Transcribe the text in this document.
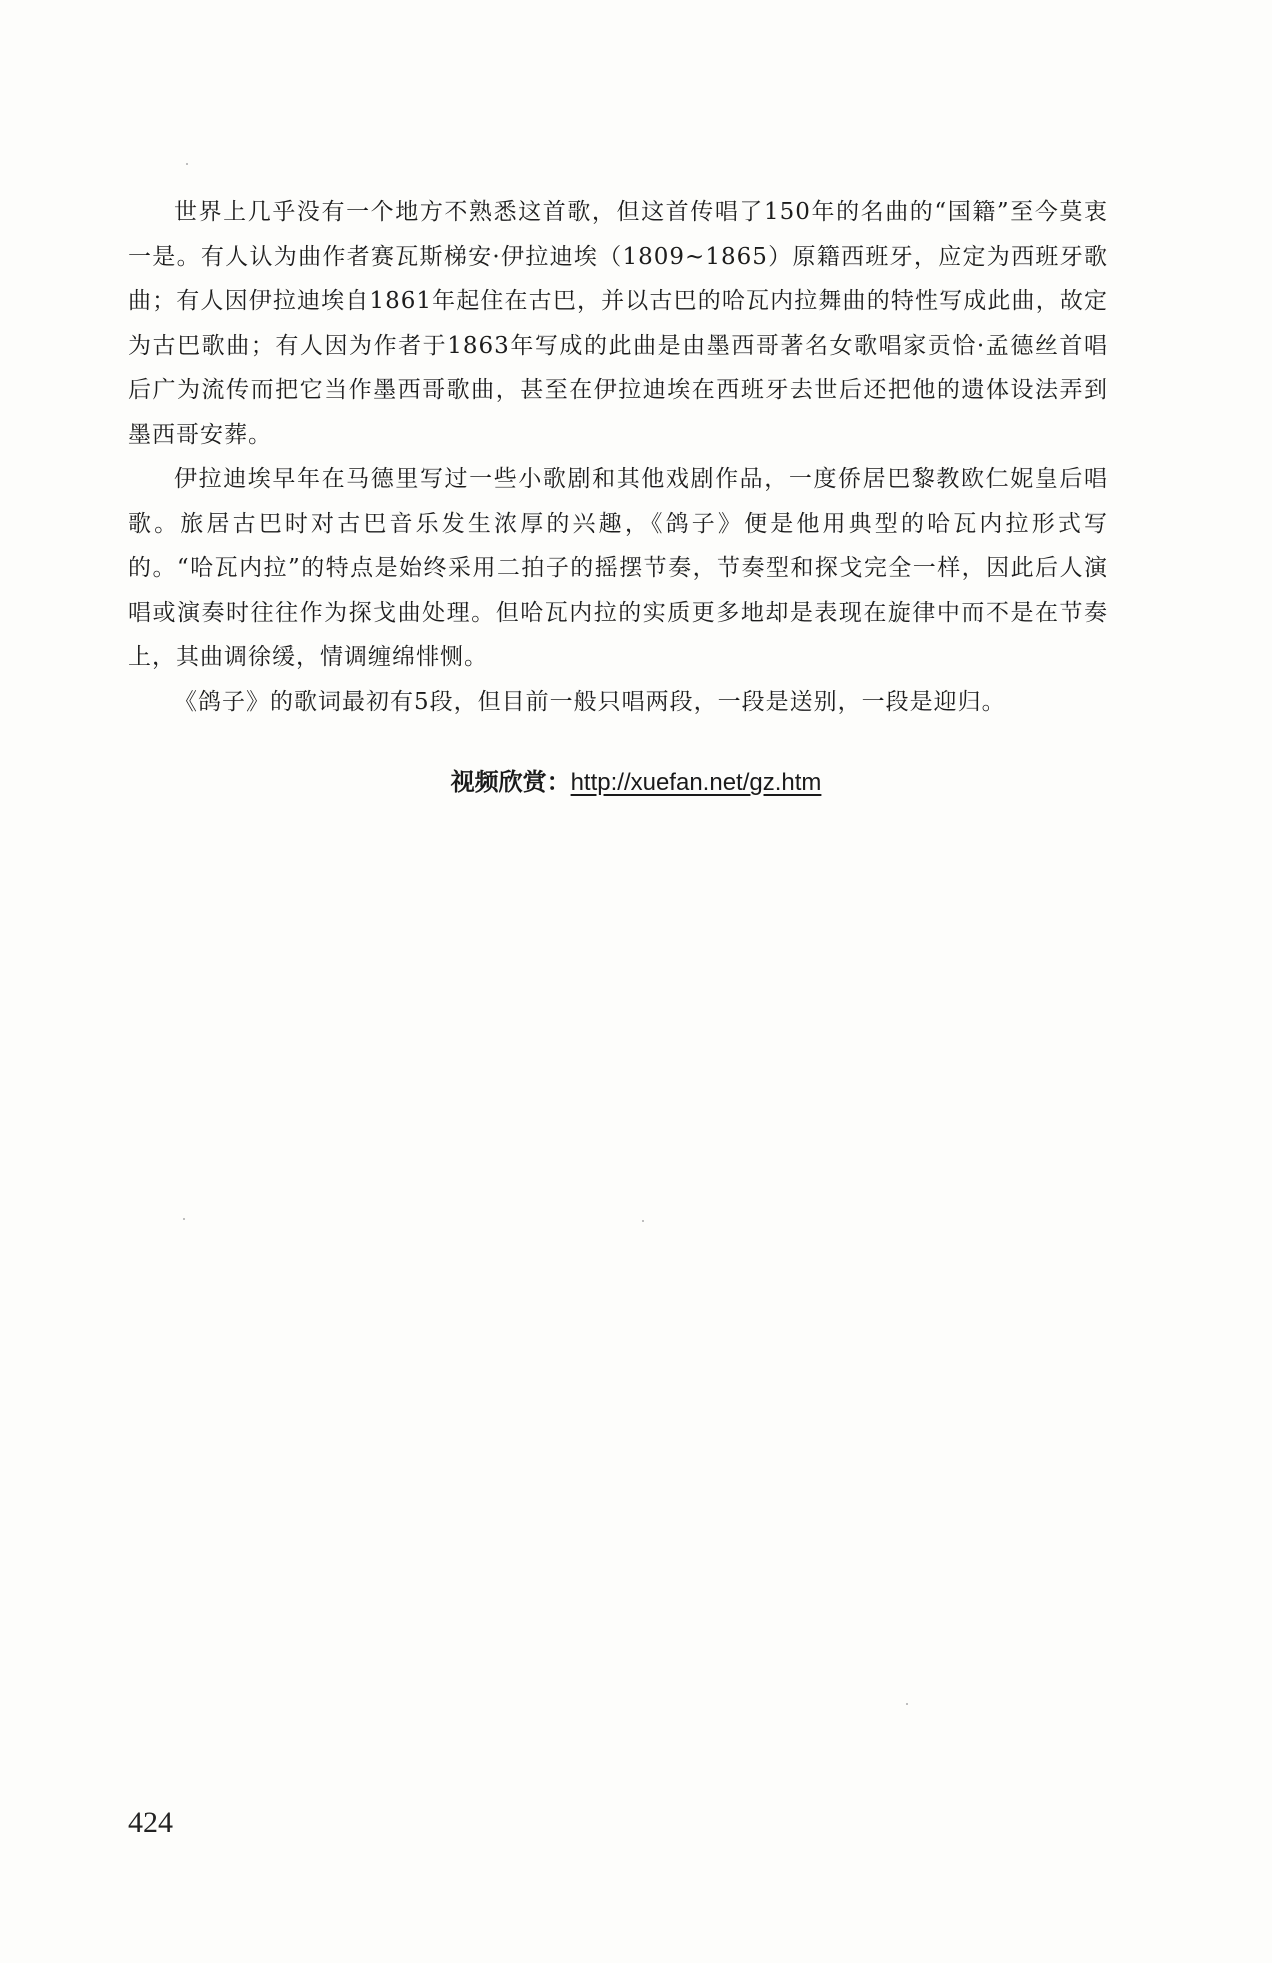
世界上几乎没有一个地方不熟悉这首歌，但这首传唱了150年的名曲的“国籍”至今莫衷一是。有人认为曲作者赛瓦斯梯安·伊拉迪埃（1809~1865）原籍西班牙，应定为西班牙歌曲；有人因伊拉迪埃自1861年起住在古巴，并以古巴的哈瓦内拉舞曲的特性写成此曲，故定为古巴歌曲；有人因为作者于1863年写成的此曲是由墨西哥著名女歌唱家贡恰·孟德丝首唱后广为流传而把它当作墨西哥歌曲，甚至在伊拉迪埃在西班牙去世后还把他的遗体设法弄到墨西哥安葬。

伊拉迪埃早年在马德里写过一些小歌剧和其他戏剧作品，一度侨居巴黎教欧仁妮皇后唱歌。旅居古巴时对古巴音乐发生浓厚的兴趣，《鸽子》便是他用典型的哈瓦内拉形式写的。“哈瓦内拉”的特点是始终采用二拍子的摇摆节奏，节奏型和探戈完全一样，因此后人演唱或演奏时往往作为探戈曲处理。但哈瓦内拉的实质更多地却是表现在旋律中而不是在节奏上，其曲调徐缓，情调缠绵悱恻。

《鸽子》的歌词最初有5段，但目前一般只唱两段，一段是送别，一段是迎归。

视频欣赏：http://xuefan.net/gz.htm
424
